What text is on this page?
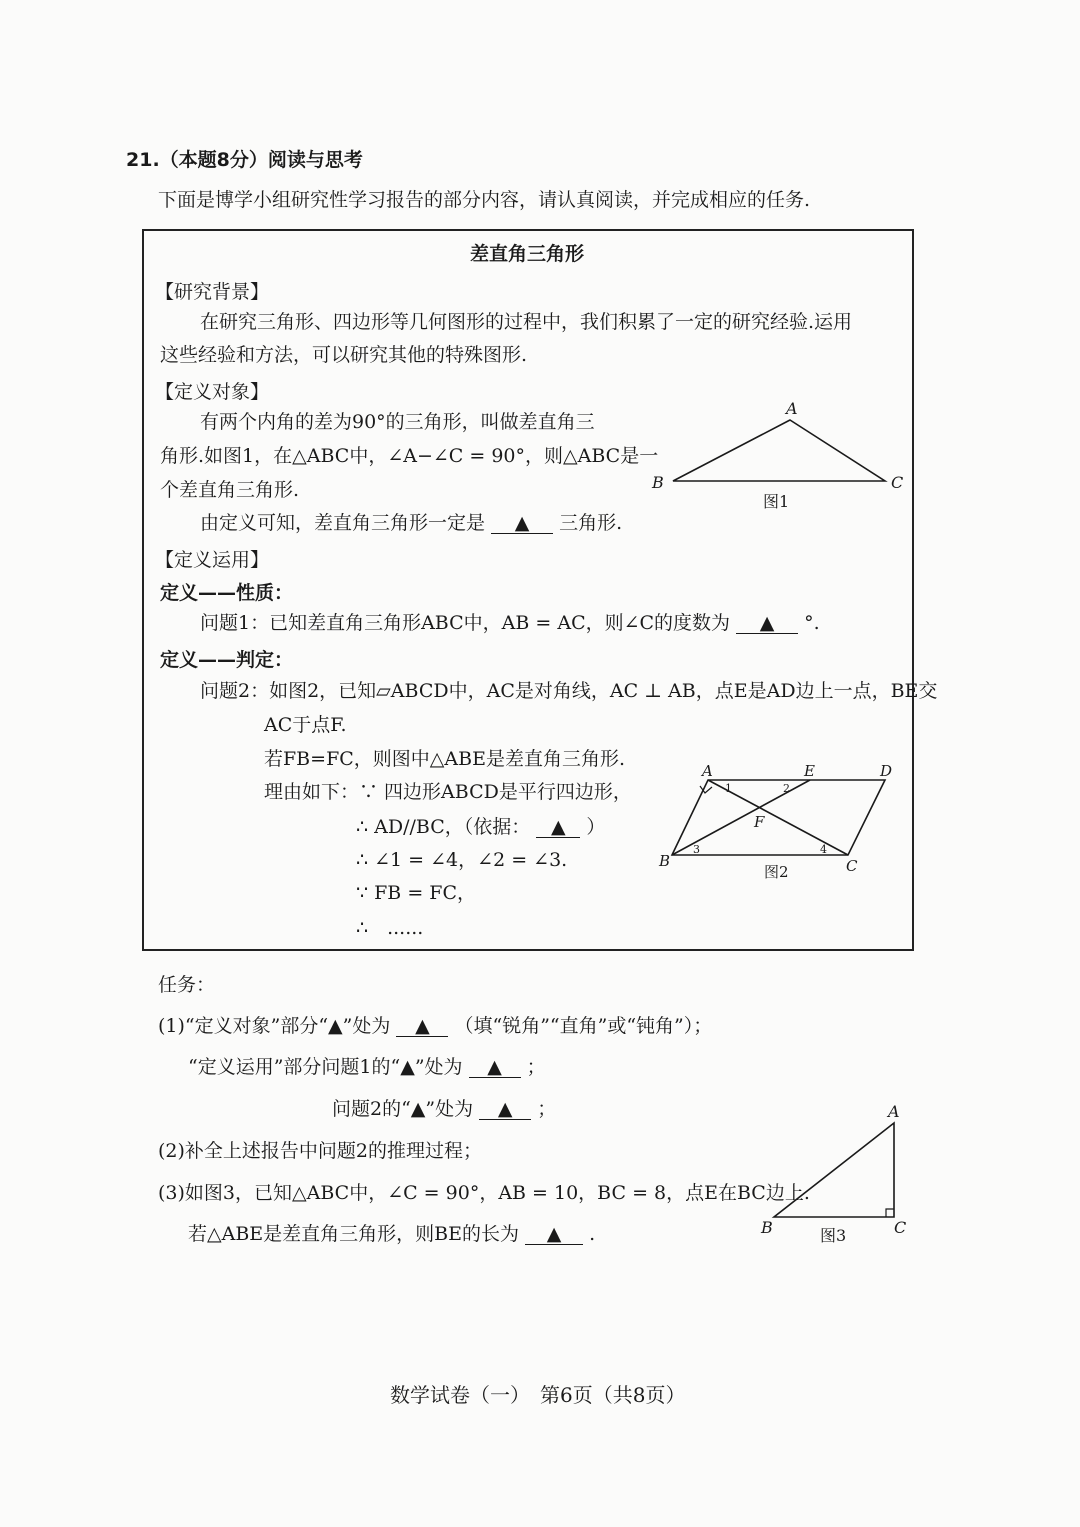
21.（本题8分）阅读与思考
下面是博学小组研究性学习报告的部分内容，请认真阅读，并完成相应的任务.
差直角三角形
【研究背景】
在研究三角形、四边形等几何图形的过程中，我们积累了一定的研究经验.运用
这些经验和方法，可以研究其他的特殊图形.
【定义对象】
有两个内角的差为90°的三角形，叫做差直角三
角形.如图1，在△ABC中，∠A−∠C = 90°，则△ABC是一
个差直角三角形.
由定义可知，差直角三角形一定是 ▲ 三角形.
【定义运用】
定义——性质：
问题1：已知差直角三角形ABC中，AB = AC，则∠C的度数为 ▲ °.
定义——判定：
问题2：如图2，已知▱ABCD中，AC是对角线，AC ⊥ AB，点E是AD边上一点，BE交
AC于点F.
若FB=FC，则图中△ABE是差直角三角形.
理由如下：∵ 四边形ABCD是平行四边形，
∴ AD//BC，（依据： ▲ ）
∴ ∠1 = ∠4，∠2 = ∠3.
∵ FB = FC，
∴　......
A
B	C
图1
A	E	D
F
B	C
1	2
3	4
图2
任务：
(1)“定义对象”部分“▲”处为 ▲ （填“锐角”“直角”或“钝角”）；
“定义运用”部分问题1的“▲”处为 ▲ ；
问题2的“▲”处为 ▲ ；
(2)补全上述报告中问题2的推理过程；
(3)如图3，已知△ABC中，∠C = 90°，AB = 10，BC = 8，点E在BC边上.
若△ABE是差直角三角形，则BE的长为 ▲ .
A
B	C
图3
数学试卷（一）　第6页（共8页）
